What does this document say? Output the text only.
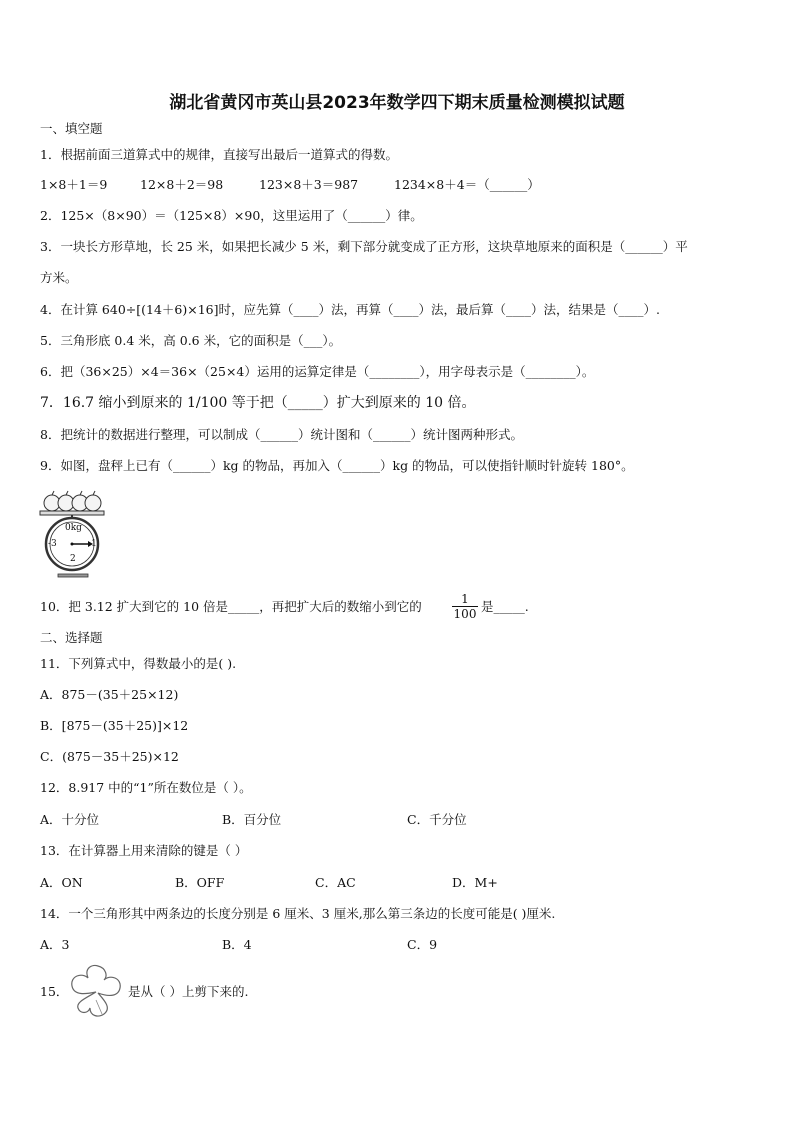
湖北省黄冈市英山县2023年数学四下期末质量检测模拟试题
一、填空题
1．根据前面三道算式中的规律，直接写出最后一道算式的得数。
1×8＋1＝9	12×8＋2＝98	123×8＋3＝987	1234×8＋4＝（______）
2．125×（8×90）＝（125×8）×90，这里运用了（______）律。
3．一块长方形草地，长 25 米，如果把长减少 5 米，剩下部分就变成了正方形，这块草地原来的面积是（______）平
方米。
4．在计算 640÷[(14＋6)×16]时，应先算（____）法，再算（____）法，最后算（____）法，结果是（____）.
5．三角形底 0.4 米，高 0.6 米，它的面积是（___）。
6．把（36×25）×4＝36×（25×4）运用的运算定律是（________），用字母表示是（________）。
7．16.7 缩小到原来的 1/100 等于把（_____）扩大到原来的 10 倍。
8．把统计的数据进行整理，可以制成（______）统计图和（______）统计图两种形式。
9．如图，盘秤上已有（______）kg 的物品，再加入（______）kg 的物品，可以使指针顺时针旋转 180°。
0kg
-3	1
2
10．把 3.12 扩大到它的 10 倍是_____，再把扩大后的数缩小到它的	$\frac{1}{100}$ 是_____.
二、选择题
11．下列算式中，得数最小的是( ).
A．875－(35＋25×12)
B．[875－(35＋25)]×12
C．(875－35＋25)×12
12．8.917 中的“1”所在数位是（ ）。
A．十分位	B．百分位	C．千分位
13．在计算器上用来清除的键是（ ）
A．ON	B．OFF	C．AC	D．M+
14．一个三角形其中两条边的长度分别是 6 厘米、3 厘米,那么第三条边的长度可能是( )厘米.
A．3	B．4	C．9
15．	是从（ ）上剪下来的.
